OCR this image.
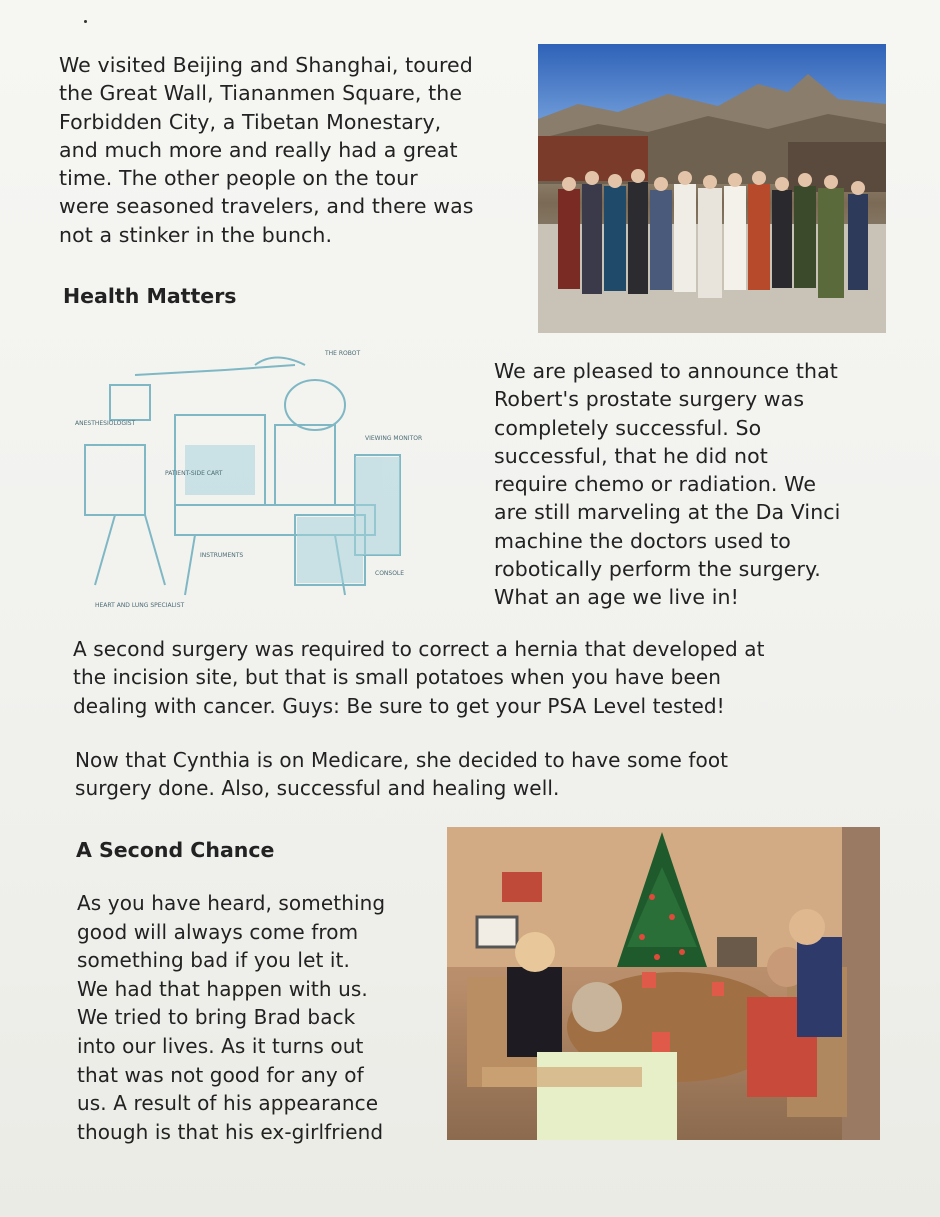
We visited Beijing and Shanghai, toured
the Great Wall, Tiananmen Square, the
Forbidden City, a Tibetan Monestary,
and much more and really had a great
time. The other people on the tour
were seasoned travelers, and there was
not a stinker in the bunch.
Health Matters
THE ROBOT
ANESTHESIOLOGIST
PATIENT-SIDE CART
VIEWING MONITOR
INSTRUMENTS
CONSOLE
HEART AND LUNG SPECIALIST
We are pleased to announce that
Robert's prostate surgery was
completely successful. So
successful, that he did not
require chemo or radiation. We
are still marveling at the Da Vinci
machine the doctors used to
robotically perform the surgery.
What an age we live in!
A second surgery was required to correct a hernia that developed at
the incision site, but that is small potatoes when you have been
dealing with cancer. Guys: Be sure to get your PSA Level tested!
Now that Cynthia is on Medicare, she decided to have some foot
surgery done. Also, successful and healing well.
A Second Chance
As you have heard, something
good will always come from
something bad if you let it.
We had that happen with us.
We tried to bring Brad back
into our lives. As it turns out
that was not good for any of
us. A result of his appearance
though is that his ex-girlfriend
